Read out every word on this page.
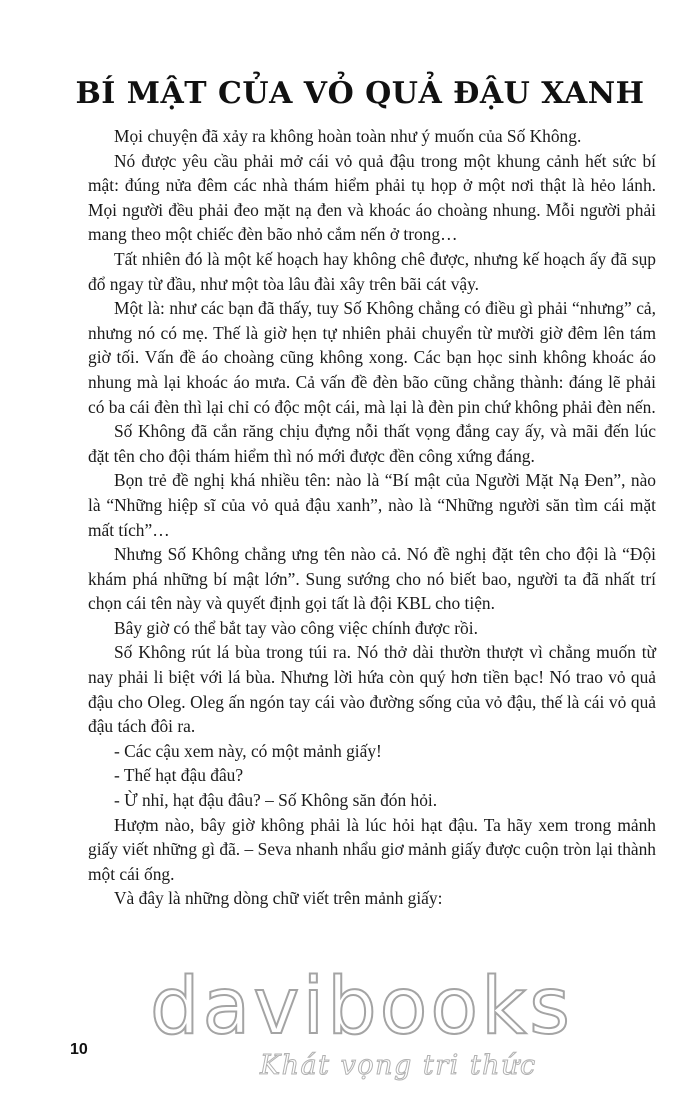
BÍ MẬT CỦA VỎ QUẢ ĐẬU XANH

Mọi chuyện đã xảy ra không hoàn toàn như ý muốn của Số Không.

Nó được yêu cầu phải mở cái vỏ quả đậu trong một khung cảnh hết sức bí mật: đúng nửa đêm các nhà thám hiểm phải tụ họp ở một nơi thật là hẻo lánh. Mọi người đều phải đeo mặt nạ đen và khoác áo choàng nhung. Mỗi người phải mang theo một chiếc đèn bão nhỏ cắm nến ở trong…

Tất nhiên đó là một kế hoạch hay không chê được, nhưng kế hoạch ấy đã sụp đổ ngay từ đầu, như một tòa lâu đài xây trên bãi cát vậy.

Một là: như các bạn đã thấy, tuy Số Không chẳng có điều gì phải “nhưng” cả, nhưng nó có mẹ. Thế là giờ hẹn tự nhiên phải chuyển từ mười giờ đêm lên tám giờ tối. Vấn đề áo choàng cũng không xong. Các bạn học sinh không khoác áo nhung mà lại khoác áo mưa. Cả vấn đề đèn bão cũng chẳng thành: đáng lẽ phải có ba cái đèn thì lại chỉ có độc một cái, mà lại là đèn pin chứ không phải đèn nến.

Số Không đã cắn răng chịu đựng nỗi thất vọng đắng cay ấy, và mãi đến lúc đặt tên cho đội thám hiểm thì nó mới được đền công xứng đáng.

Bọn trẻ đề nghị khá nhiều tên: nào là “Bí mật của Người Mặt Nạ Đen”, nào là “Những hiệp sĩ của vỏ quả đậu xanh”, nào là “Những người săn tìm cái mặt mất tích”…

Nhưng Số Không chẳng ưng tên nào cả. Nó đề nghị đặt tên cho đội là “Đội khám phá những bí mật lớn”. Sung sướng cho nó biết bao, người ta đã nhất trí chọn cái tên này và quyết định gọi tất là đội KBL cho tiện.

Bây giờ có thể bắt tay vào công việc chính được rồi.

Số Không rút lá bùa trong túi ra. Nó thở dài thườn thượt vì chẳng muốn từ nay phải li biệt với lá bùa. Nhưng lời hứa còn quý hơn tiền bạc! Nó trao vỏ quả đậu cho Oleg. Oleg ấn ngón tay cái vào đường sống của vỏ đậu, thế là cái vỏ quả đậu tách đôi ra.

- Các cậu xem này, có một mảnh giấy!

- Thế hạt đậu đâu?

- Ừ nhỉ, hạt đậu đâu? – Số Không săn đón hỏi.

Hượm nào, bây giờ không phải là lúc hỏi hạt đậu. Ta hãy xem trong mảnh giấy viết những gì đã. – Seva nhanh nhẩu giơ mảnh giấy được cuộn tròn lại thành một cái ống.

Và đây là những dòng chữ viết trên mảnh giấy:

davibooks
Khát vọng tri thức
10
